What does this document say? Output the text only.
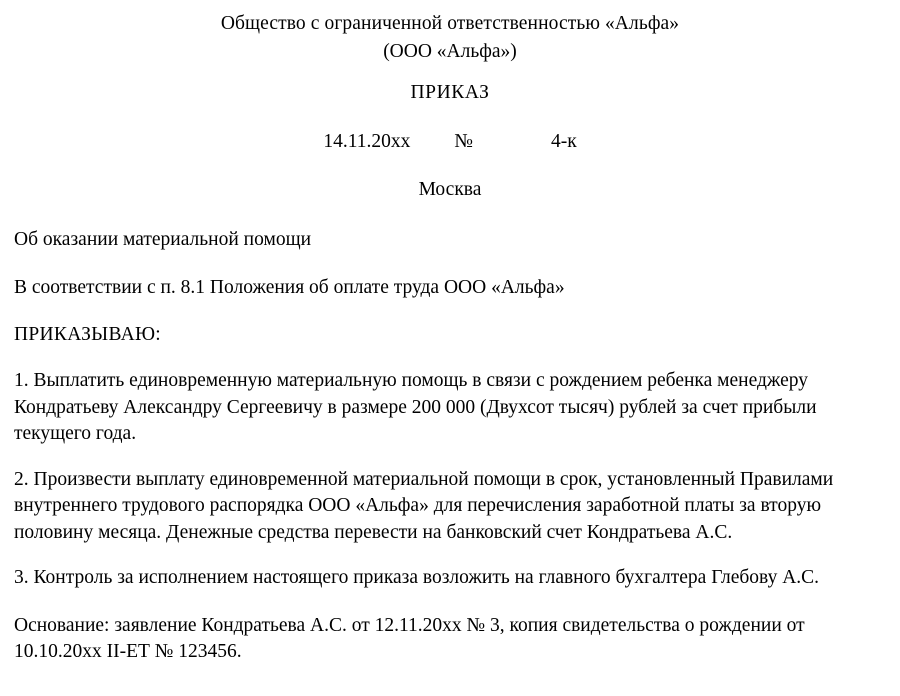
Общество с ограниченной ответственностью «Альфа»
(ООО «Альфа»)
ПРИКАЗ
14.11.20хх №	4-к
Москва
Об оказании материальной помощи
В соответствии с п. 8.1 Положения об оплате труда ООО «Альфа»
ПРИКАЗЫВАЮ:
1. Выплатить единовременную материальную помощь в связи с рождением ребенка менеджеру Кондратьеву Александру Сергеевичу в размере 200 000 (Двухсот тысяч) рублей за счет прибыли текущего года.
2. Произвести выплату единовременной материальной помощи в срок, установленный Правилами внутреннего трудового распорядка ООО «Альфа» для перечисления заработной платы за вторую половину месяца. Денежные средства перевести на банковский счет Кондратьева А.С.
3. Контроль за исполнением настоящего приказа возложить на главного бухгалтера Глебову А.С.
Основание: заявление Кондратьева А.С. от 12.11.20хх № 3, копия свидетельства о рождении от 10.10.20хх II-ЕТ № 123456.
